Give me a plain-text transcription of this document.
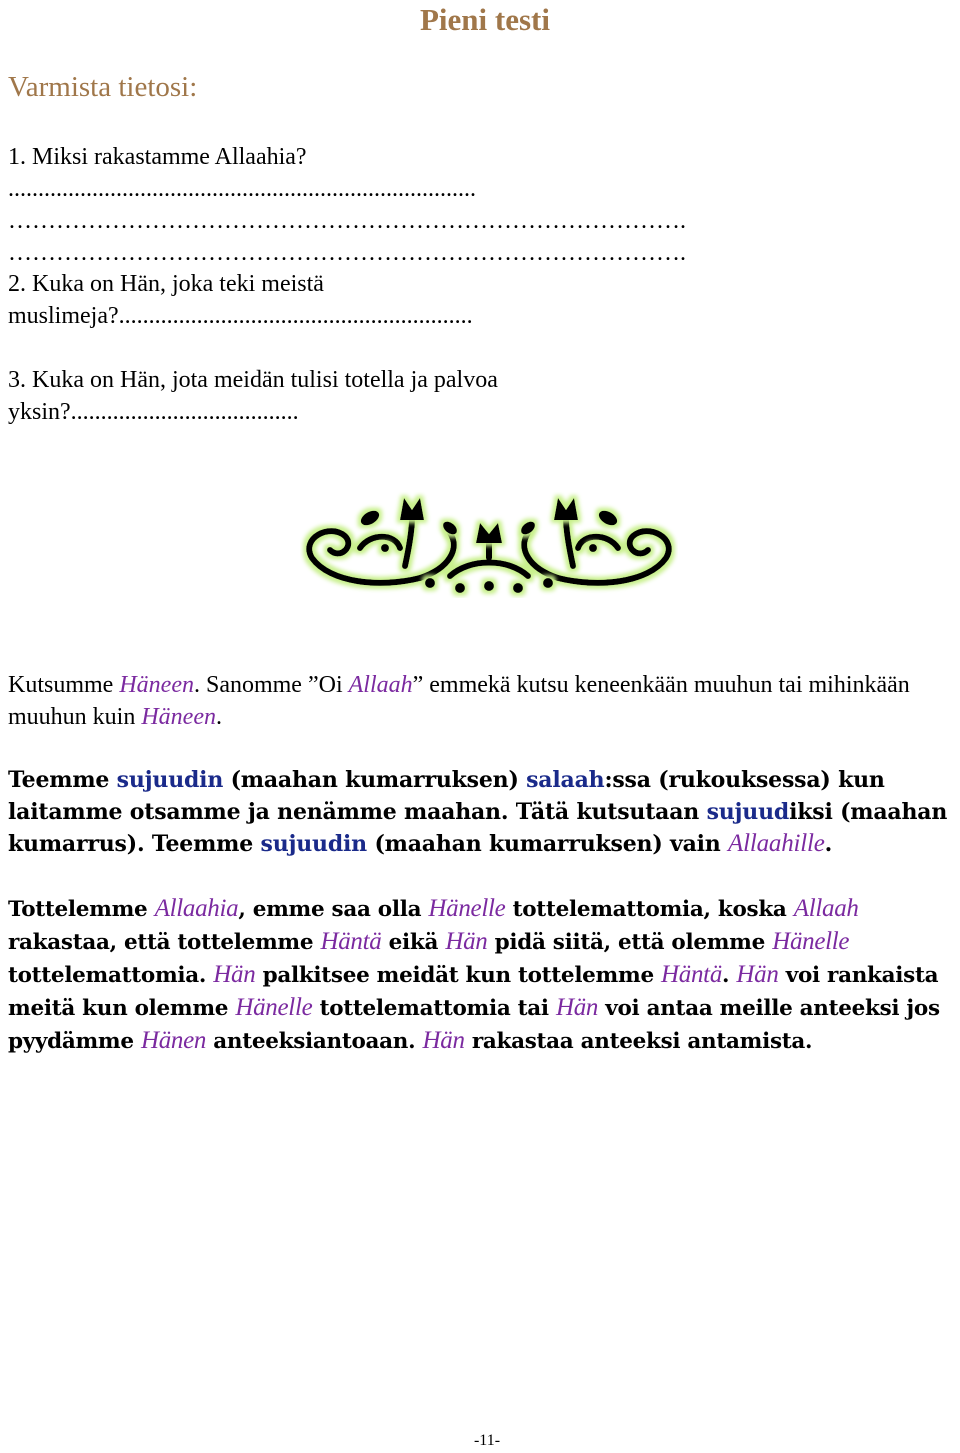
Pieni testi
Varmista tietosi:
1. Miksi rakastamme Allaahia?
..............................................................................
………………………………………………………………………….
………………………………………………………………………….
2. Kuka on Hän, joka teki meistä
muslimeja?...........................................................
3. Kuka on Hän, jota meidän tulisi totella ja palvoa
yksin?......................................
Kutsumme Häneen. Sanomme ”Oi Allaah” emmekä kutsu keneenkään muuhun tai mihinkään muuhun kuin Häneen.
Teemme sujuudin (maahan kumarruksen) salaah:ssa (rukouksessa) kun laitamme otsamme ja nenämme maahan. Tätä kutsutaan sujuudiksi (maahan kumarrus). Teemme sujuudin (maahan kumarruksen) vain Allaahille.
Tottelemme Allaahia, emme saa olla Hänelle tottelemattomia, koska Allaah rakastaa, että tottelemme Häntä eikä Hän pidä siitä, että olemme Hänelle tottelemattomia. Hän palkitsee meidät kun tottelemme Häntä. Hän voi rankaista meitä kun olemme Hänelle tottelemattomia tai Hän voi antaa meille anteeksi jos pyydämme Hänen anteeksiantoaan. Hän rakastaa anteeksi antamista.
-11-
